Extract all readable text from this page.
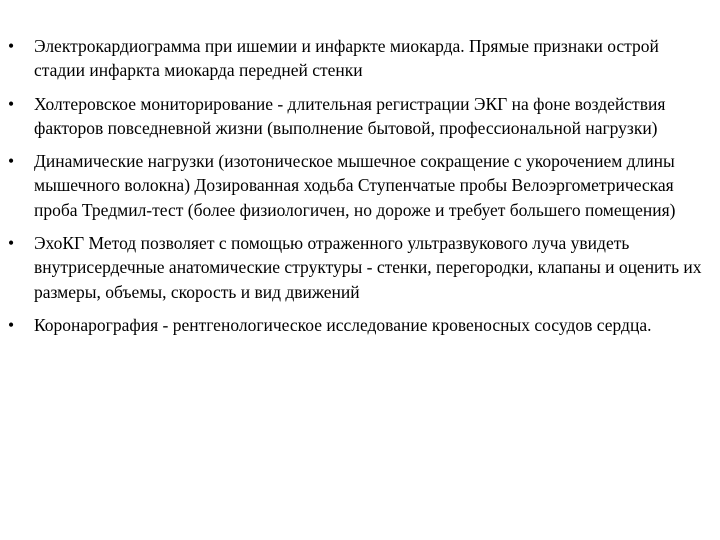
•	Электрокардиограмма при ишемии и инфаркте миокарда. Прямые признаки острой стадии инфаркта миокарда передней стенки
•	Холтеровское мониторирование - длительная регистрации ЭКГ на фоне воздействия факторов повседневной жизни (выполнение бытовой, профессиональной нагрузки)
•	Динамические нагрузки (изотоническое мышечное сокращение с укорочением длины мышечного волокна) Дозированная ходьба Ступенчатые пробы Велоэргометрическая проба Тредмил-тест (более физиологичен, но дороже и требует большего помещения)
•	ЭхоКГ Метод позволяет с помощью отраженного ультразвукового луча увидеть внутрисердечные анатомические структуры - стенки, перегородки, клапаны и оценить их размеры, объемы, скорость и вид движений
•	Коронарография - рентгенологическое исследование кровеносных сосудов сердца.
